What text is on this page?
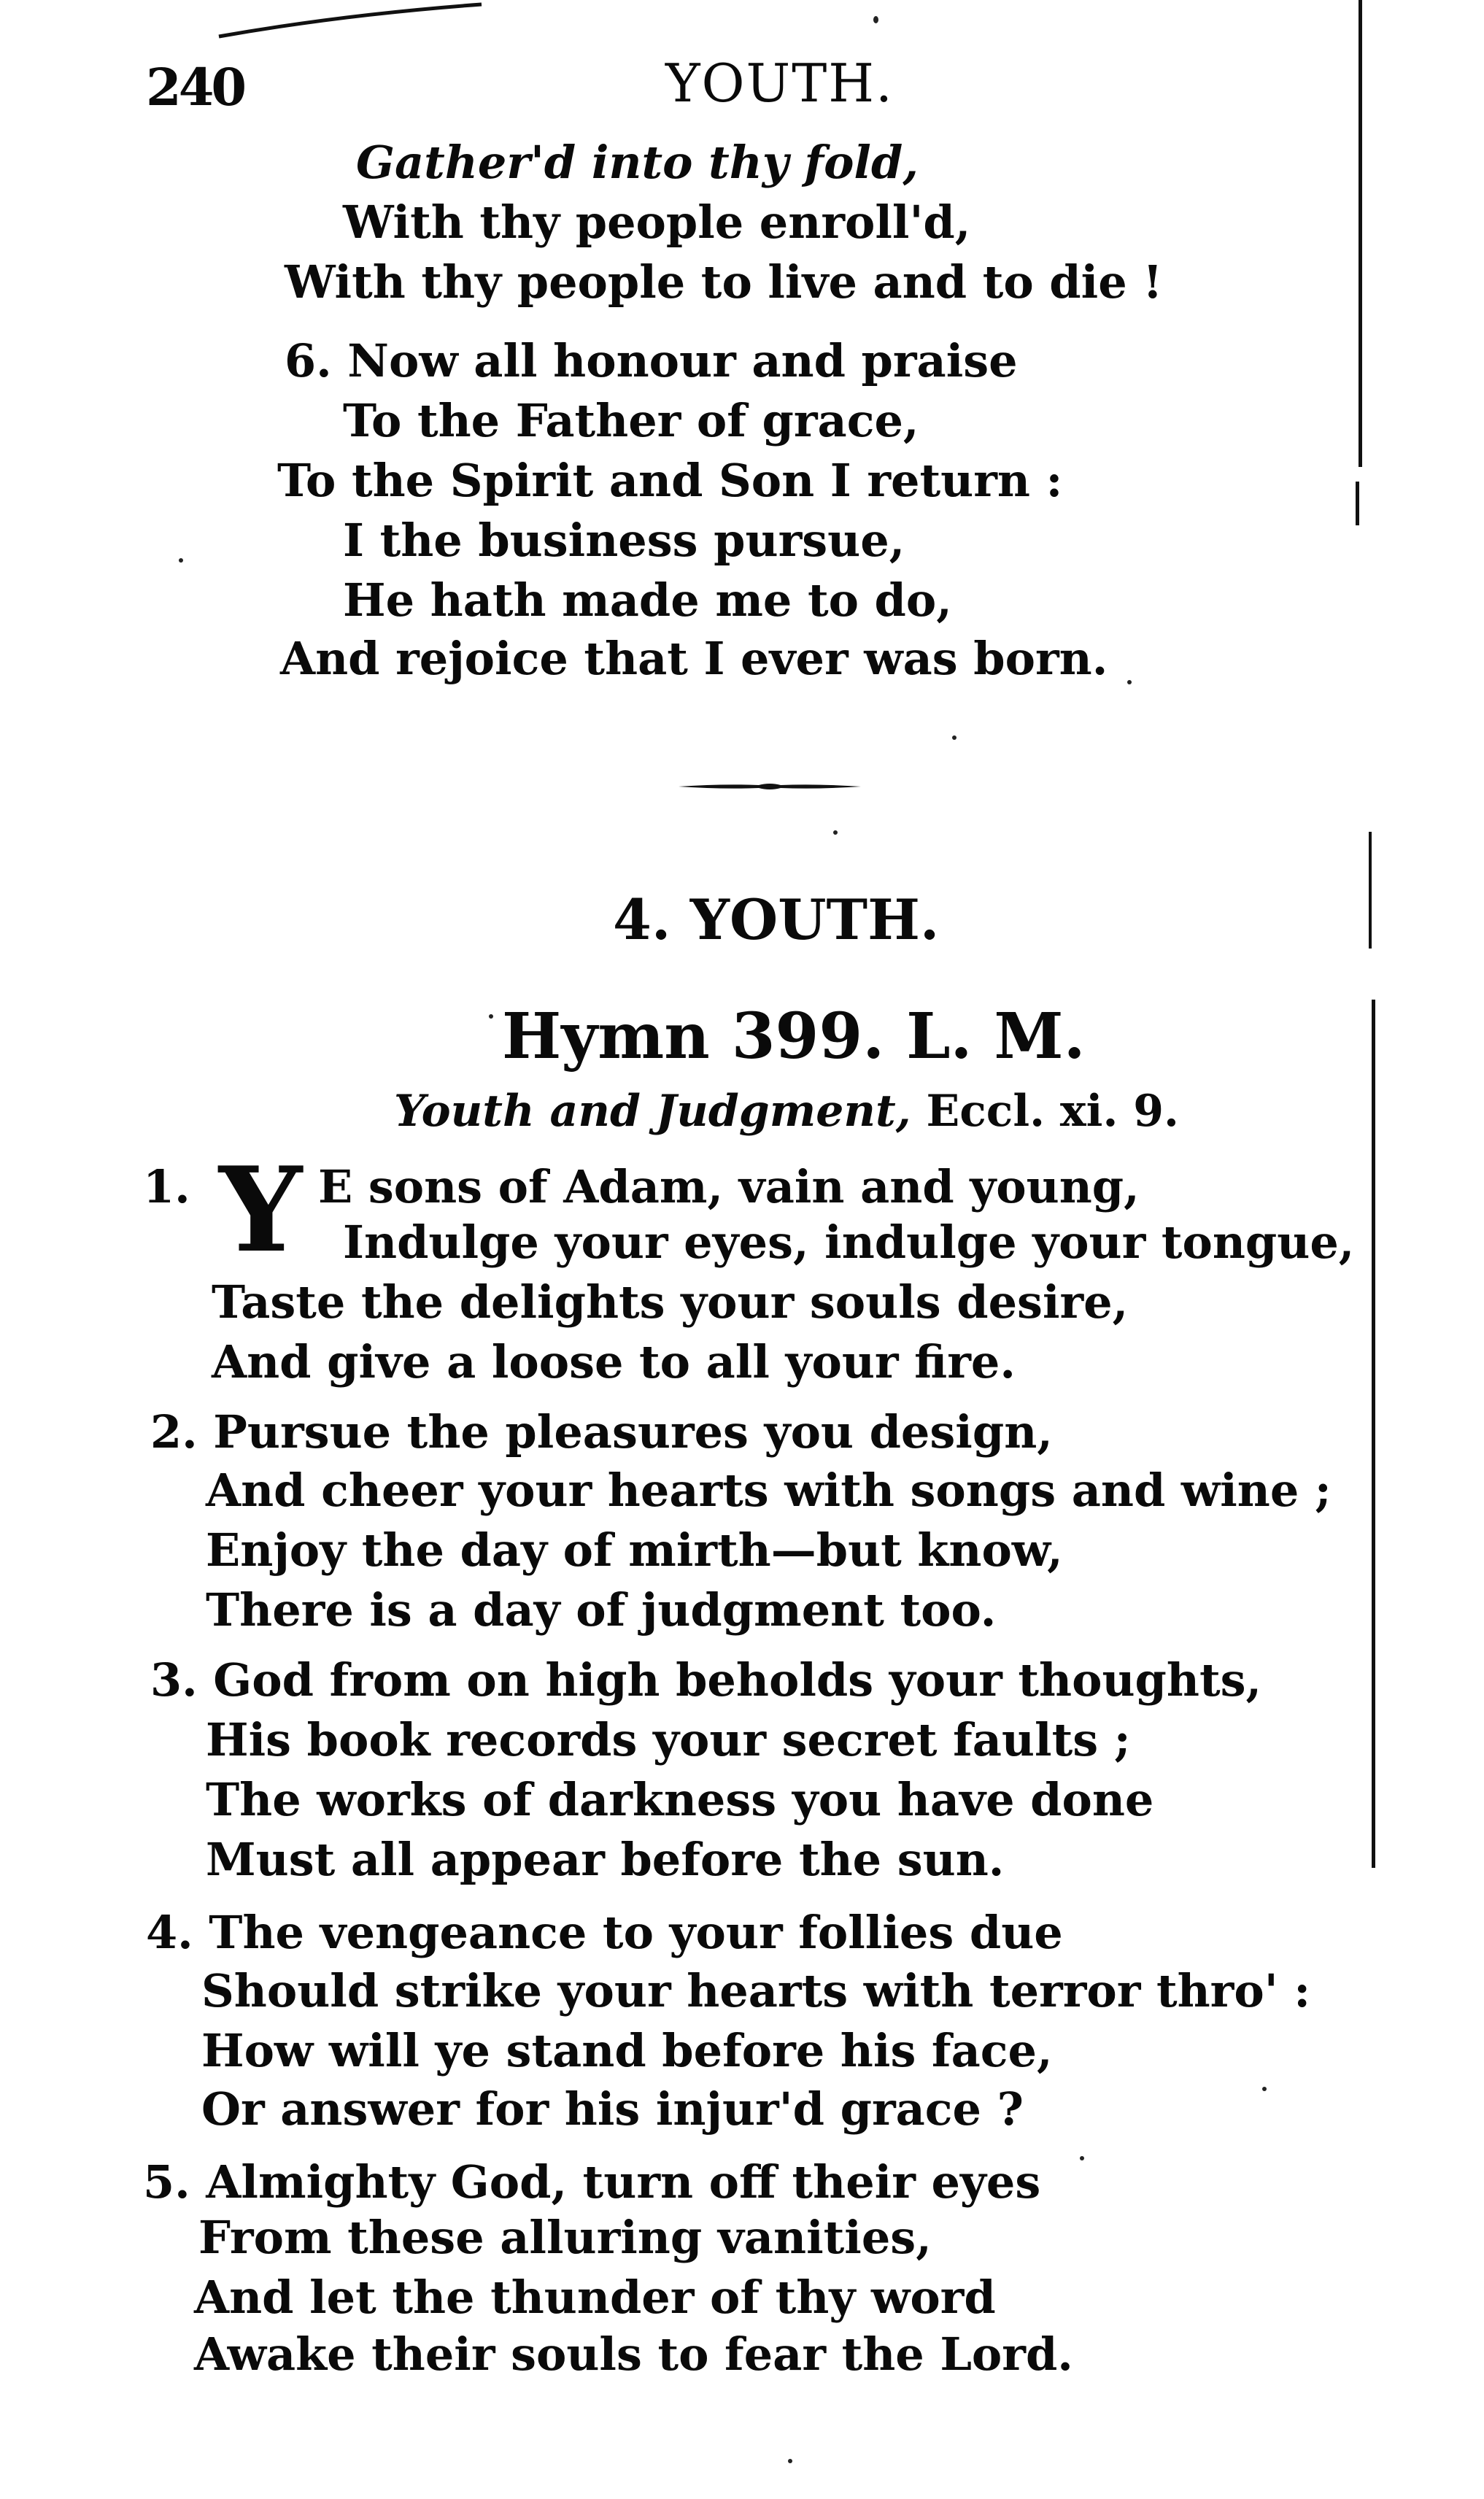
240	YOUTH.
Gather'd into thy fold,
With thy people enroll'd,
With thy people to live and to die !
6. Now all honour and praise
To the Father of grace,
To the Spirit and Son I return :
I the business pursue,
He hath made me to do,
And rejoice that I ever was born.
4. YOUTH.
Hymn 399. L. M.
Youth and Judgment, Eccl. xi. 9.
1. Y E sons of Adam, vain and young,
Indulge your eyes, indulge your tongue,
Taste the delights your souls desire,
And give a loose to all your fire.
2. Pursue the pleasures you design,
And cheer your hearts with songs and wine ;
Enjoy the day of mirth—but know,
There is a day of judgment too.
3. God from on high beholds your thoughts,
His book records your secret faults ;
The works of darkness you have done
Must all appear before the sun.
4. The vengeance to your follies due
Should strike your hearts with terror thro' :
How will ye stand before his face,
Or answer for his injur'd grace ?
5. Almighty God, turn off their eyes
From these alluring vanities,
And let the thunder of thy word
Awake their souls to fear the Lord.
